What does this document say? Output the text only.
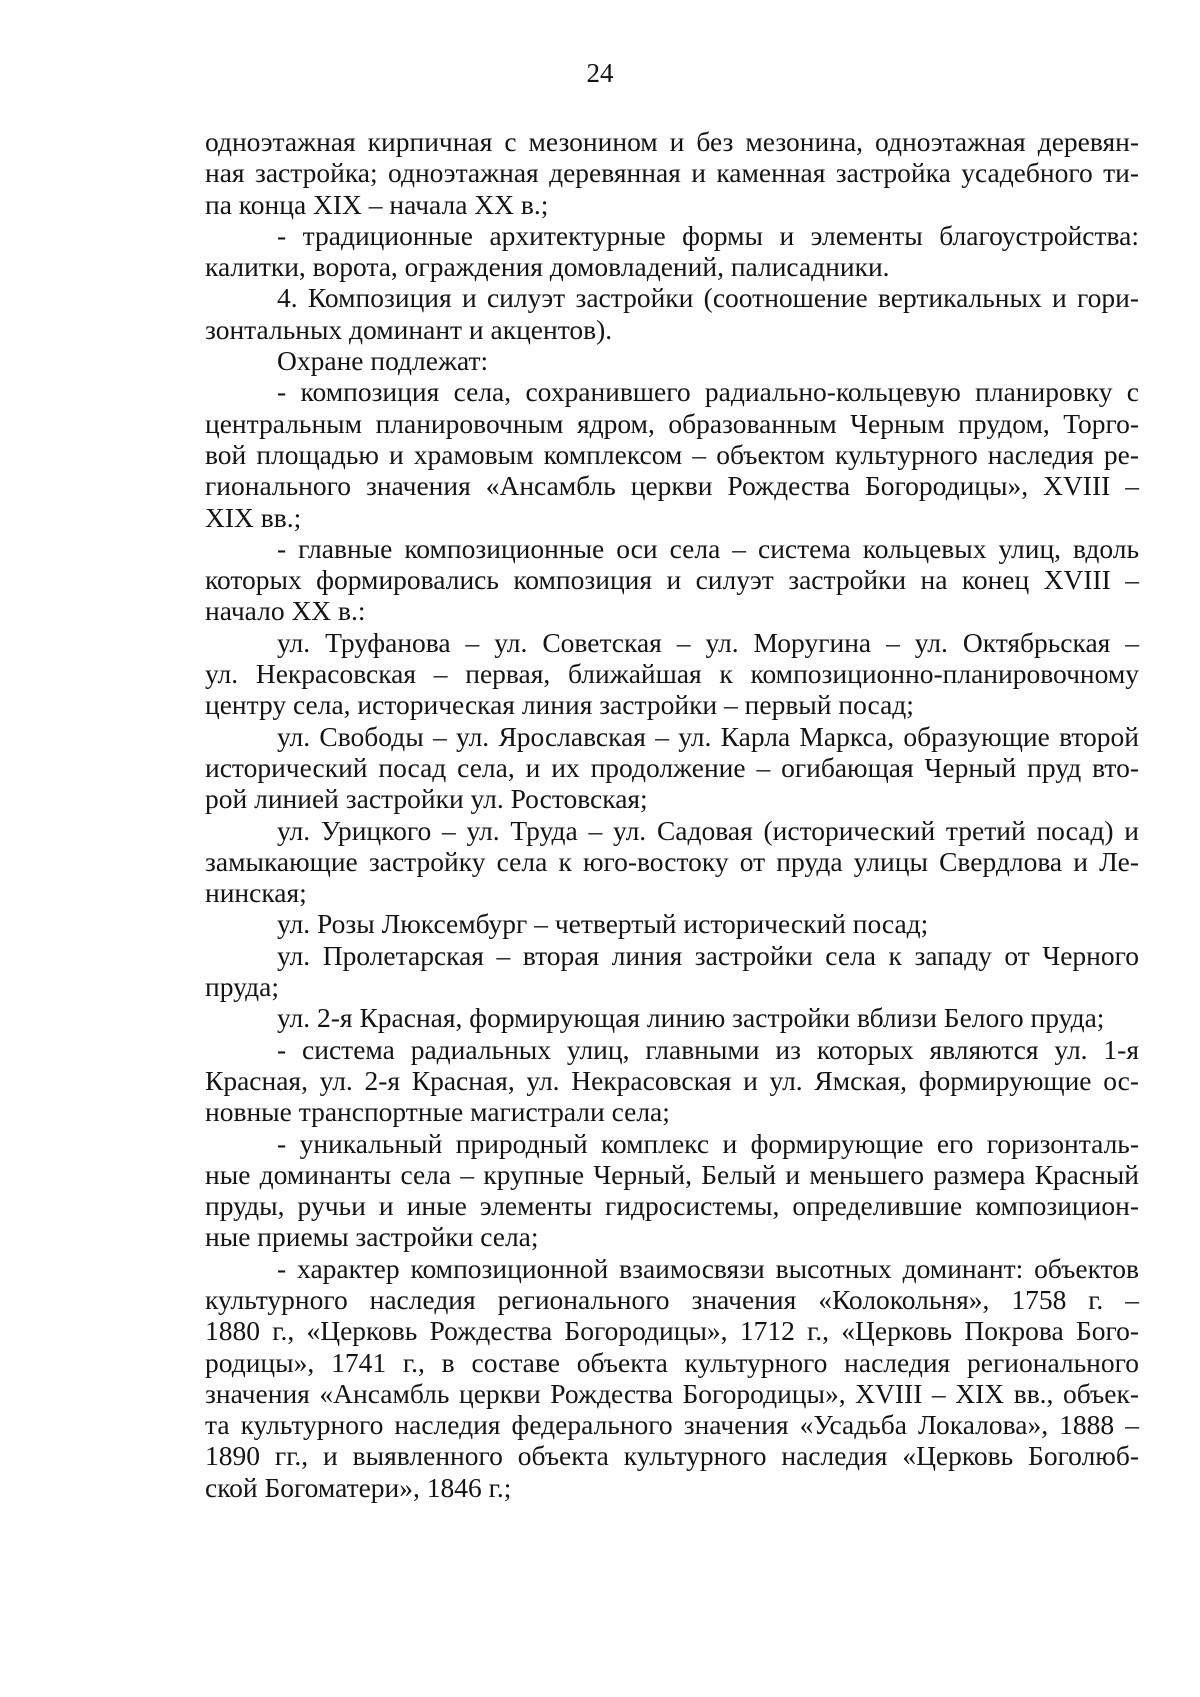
24
одноэтажная кирпичная с мезонином и без мезонина, одноэтажная деревян-
ная застройка; одноэтажная деревянная и каменная застройка усадебного ти-
па конца XIX – начала XX в.;
- традиционные архитектурные формы и элементы благоустройства:
калитки, ворота, ограждения домовладений, палисадники.
4. Композиция и силуэт застройки (соотношение вертикальных и гори-
зонтальных доминант и акцентов).
Охране подлежат:
- композиция села, сохранившего радиально-кольцевую планировку с
центральным планировочным ядром, образованным Черным прудом, Торго-
вой площадью и храмовым комплексом – объектом культурного наследия ре-
гионального значения «Ансамбль церкви Рождества Богородицы», XVIII –
XIX вв.;
- главные композиционные оси села – система кольцевых улиц, вдоль
которых формировались композиция и силуэт застройки на конец XVIII –
начало XX в.:
ул. Труфанова – ул. Советская – ул. Моругина – ул. Октябрьская –
ул. Некрасовская – первая, ближайшая к композиционно-планировочному
центру села, историческая линия застройки – первый посад;
ул. Свободы – ул. Ярославская – ул. Карла Маркса, образующие второй
исторический посад села, и их продолжение – огибающая Черный пруд вто-
рой линией застройки ул. Ростовская;
ул. Урицкого – ул. Труда – ул. Садовая (исторический третий посад) и
замыкающие застройку села к юго-востоку от пруда улицы Свердлова и Ле-
нинская;
ул. Розы Люксембург – четвертый исторический посад;
ул. Пролетарская – вторая линия застройки села к западу от Черного
пруда;
ул. 2-я Красная, формирующая линию застройки вблизи Белого пруда;
- система радиальных улиц, главными из которых являются ул. 1-я
Красная, ул. 2-я Красная, ул. Некрасовская и ул. Ямская, формирующие ос-
новные транспортные магистрали села;
- уникальный природный комплекс и формирующие его горизонталь-
ные доминанты села – крупные Черный, Белый и меньшего размера Красный
пруды, ручьи и иные элементы гидросистемы, определившие композицион-
ные приемы застройки села;
- характер композиционной взаимосвязи высотных доминант: объектов
культурного наследия регионального значения «Колокольня», 1758 г. –
1880 г., «Церковь Рождества Богородицы», 1712 г., «Церковь Покрова Бого-
родицы», 1741 г., в составе объекта культурного наследия регионального
значения «Ансамбль церкви Рождества Богородицы», XVIII – XIX вв., объек-
та культурного наследия федерального значения «Усадьба Локалова», 1888 –
1890 гг., и выявленного объекта культурного наследия «Церковь Боголюб-
ской Богоматери», 1846 г.;
